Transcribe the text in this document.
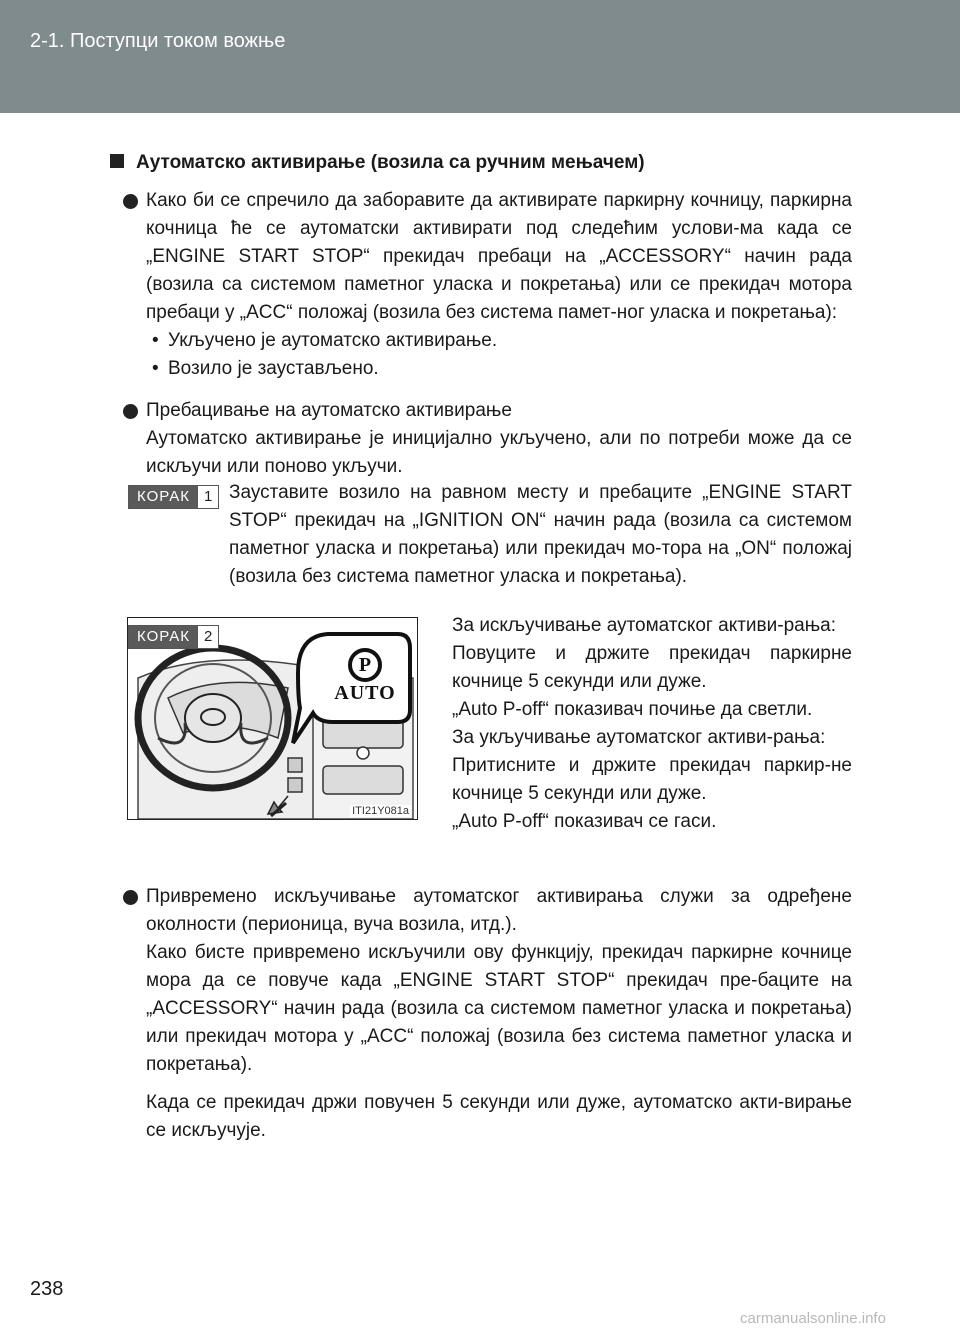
2-1. Поступци током вожње
Аутоматско активирање (возила са ручним мењачем)

Како би се спречило да заборавите да активирате паркирну кочницу, паркирна кочница ће се аутоматски активирати под следећим услови-ма када се „ENGINE START STOP“ прекидач пребаци на „ACCESSORY“ начин рада (возила са системом паметног уласка и покретања) или се прекидач мотора пребаци у „ACC“ положај (возила без система памет-ног уласка и покретања):

• Укључено је аутоматско активирање.
• Возило је заустављено.
Пребацивање на аутоматско активирање

Аутоматско активирање је иницијално укључено, али по потреби може да се искључи или поново укључи.

КОРАК 1 Зауставите возило на равном месту и пребаците „ENGINE START STOP“ прекидач на „IGNITION ON“ начин рада (возила са системом паметног уласка и покретања) или прекидач мо-тора на „ON“ положај (возила без система паметног уласка и покретања).

P
AUTO
ITI21Y081a
КОРАК 2

За искључивање аутоматског активи-рања:

Повуците и држите прекидач паркирне кочнице 5 секунди или дуже.

„Auto P-off“ показивач почиње да светли.

За укључивање аутоматског активи-рања:

Притисните и држите прекидач паркир-не кочнице 5 секунди или дуже.

„Auto P-off“ показивач се гаси.

Привремено искључивање аутоматског активирања служи за одређене околности (перионица, вуча возила, итд.).

Како бисте привремено искључили ову функцију, прекидач паркирне кочнице мора да се повуче када „ENGINE START STOP“ прекидач пре-баците на „ACCESSORY“ начин рада (возила са системом паметног уласка и покретања) или прекидач мотора у „ACC“ положај (возила без система паметног уласка и покретања).

Када се прекидач држи повучен 5 секунди или дуже, аутоматско акти-вирање се искључује.

238
carmanualsonline.info
